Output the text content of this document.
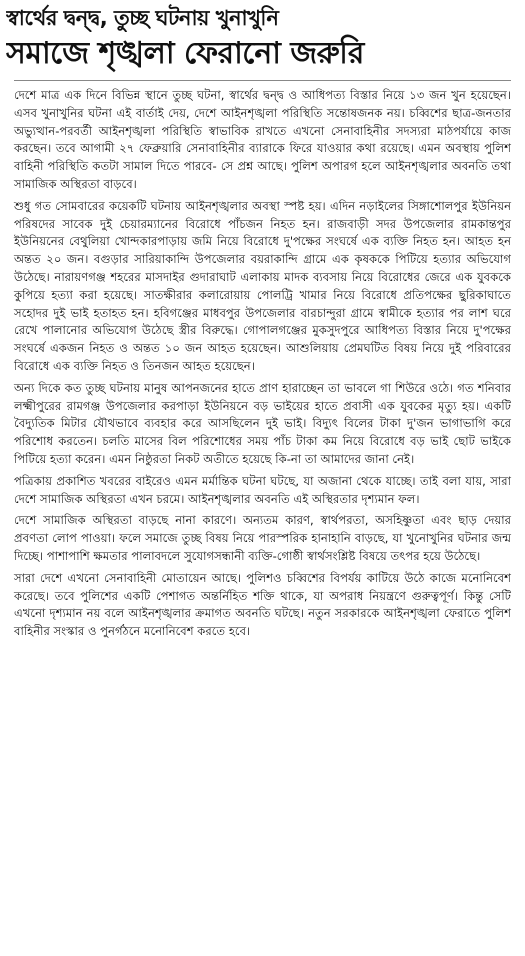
স্বার্থের দ্বন্দ্ব, তুচ্ছ ঘটনায় খুনাখুনি
সমাজে শৃঙ্খলা ফেরানো জরুরি

দেশে মাত্র এক দিনে বিভিন্ন স্থানে তুচ্ছ ঘটনা, স্বার্থের দ্বন্দ্ব ও আধিপত্য বিস্তার নিয়ে ১৩ জন খুন হয়েছেন। এসব খুনাখুনির ঘটনা এই বার্তাই দেয়, দেশে আইনশৃঙ্খলা পরিস্থিতি সন্তোষজনক নয়। চব্বিশের ছাত্র-জনতার অভ্যুত্থান-পরবর্তী আইনশৃঙ্খলা পরিস্থিতি স্বাভাবিক রাখতে এখনো সেনাবাহিনীর সদস্যরা মাঠপর্যায়ে কাজ করছেন। তবে আগামী ২৭ ফেব্রুয়ারি সেনাবাহিনীর ব্যারাকে ফিরে যাওয়ার কথা রয়েছে। এমন অবস্থায় পুলিশ বাহিনী পরিস্থিতি কতটা সামাল দিতে পারবে- সে প্রশ্ন আছে। পুলিশ অপারগ হলে আইনশৃঙ্খলার অবনতি তথা সামাজিক অস্থিরতা বাড়বে।

শুধু গত সোমবারের কয়েকটি ঘটনায় আইনশৃঙ্খলার অবস্থা স্পষ্ট হয়। এদিন নড়াইলের সিঙ্গাশোলপুর ইউনিয়ন পরিষদের সাবেক দুই চেয়ারম্যানের বিরোধে পাঁচজন নিহত হন। রাজবাড়ী সদর উপজেলার রামকান্তপুর ইউনিয়নের বেথুলিয়া খোন্দকারপাড়ায় জমি নিয়ে বিরোধে দু'পক্ষের সংঘর্ষে এক ব্যক্তি নিহত হন। আহত হন অন্তত ২০ জন। বগুড়ার সারিয়াকান্দি উপজেলার বয়রাকান্দি গ্রামে এক কৃষককে পিটিয়ে হত্যার অভিযোগ উঠেছে। নারায়ণগঞ্জ শহরের মাসদাইর গুদারাঘাট এলাকায় মাদক ব্যবসায় নিয়ে বিরোধের জেরে এক যুবককে কুপিয়ে হত্যা করা হয়েছে। সাতক্ষীরার কলারোয়ায় পোলট্রি খামার নিয়ে বিরোধে প্রতিপক্ষের ছুরিকাঘাতে সহোদর দুই ভাই হতাহত হন। হবিগঞ্জের মাধবপুর উপজেলার বারচান্দুরা গ্রামে স্বামীকে হত্যার পর লাশ ঘরে রেখে পালানোর অভিযোগ উঠেছে স্ত্রীর বিরুদ্ধে। গোপালগঞ্জের মুকসুদপুরে আধিপত্য বিস্তার নিয়ে দু'পক্ষের সংঘর্ষে একজন নিহত ও অন্তত ১০ জন আহত হয়েছেন। আশুলিয়ায় প্রেমঘটিত বিষয় নিয়ে দুই পরিবারের বিরোধে এক ব্যক্তি নিহত ও তিনজন আহত হয়েছেন।

অন্য দিকে কত তুচ্ছ ঘটনায় মানুষ আপনজনের হাতে প্রাণ হারাচ্ছেন তা ভাবলে গা শিউরে ওঠে। গত শনিবার লক্ষ্মীপুরের রামগঞ্জ উপজেলার করপাড়া ইউনিয়নে বড় ভাইয়ের হাতে প্রবাসী এক যুবকের মৃত্যু হয়। একটি বৈদ্যুতিক মিটার যৌথভাবে ব্যবহার করে আসছিলেন দুই ভাই। বিদ্যুৎ বিলের টাকা দু'জন ভাগাভাগি করে পরিশোধ করতেন। চলতি মাসের বিল পরিশোধের সময় পাঁচ টাকা কম নিয়ে বিরোধে বড় ভাই ছোট ভাইকে পিটিয়ে হত্যা করেন। এমন নিষ্ঠুরতা নিকট অতীতে হয়েছে কি-না তা আমাদের জানা নেই।

পত্রিকায় প্রকাশিত খবরের বাইরেও এমন মর্মান্তিক ঘটনা ঘটছে, যা অজানা থেকে যাচ্ছে। তাই বলা যায়, সারা দেশে সামাজিক অস্থিরতা এখন চরমে। আইনশৃঙ্খলার অবনতি এই অস্থিরতার দৃশ্যমান ফল।

দেশে সামাজিক অস্থিরতা বাড়ছে নানা কারণে। অন্যতম কারণ, স্বার্থপরতা, অসহিষ্ণুতা এবং ছাড় দেয়ার প্রবণতা লোপ পাওয়া। ফলে সমাজে তুচ্ছ বিষয় নিয়ে পারস্পরিক হানাহানি বাড়ছে, যা খুনোখুনির ঘটনার জন্ম দিচ্ছে। পাশাপাশি ক্ষমতার পালাবদলে সুযোগসন্ধানী ব্যক্তি-গোষ্ঠী স্বার্থসংশ্লিষ্ট বিষয়ে তৎপর হয়ে উঠেছে।

সারা দেশে এখনো সেনাবাহিনী মোতায়েন আছে। পুলিশও চব্বিশের বিপর্যয় কাটিয়ে উঠে কাজে মনোনিবেশ করেছে। তবে পুলিশের একটি পেশাগত অন্তর্নিহিত শক্তি থাকে, যা অপরাধ নিয়ন্ত্রণে গুরুত্বপূর্ণ। কিন্তু সেটি এখনো দৃশ্যমান নয় বলে আইনশৃঙ্খলার ক্রমাগত অবনতি ঘটছে। নতুন সরকারকে আইনশৃঙ্খলা ফেরাতে পুলিশ বাহিনীর সংস্কার ও পুনর্গঠনে মনোনিবেশ করতে হবে।
